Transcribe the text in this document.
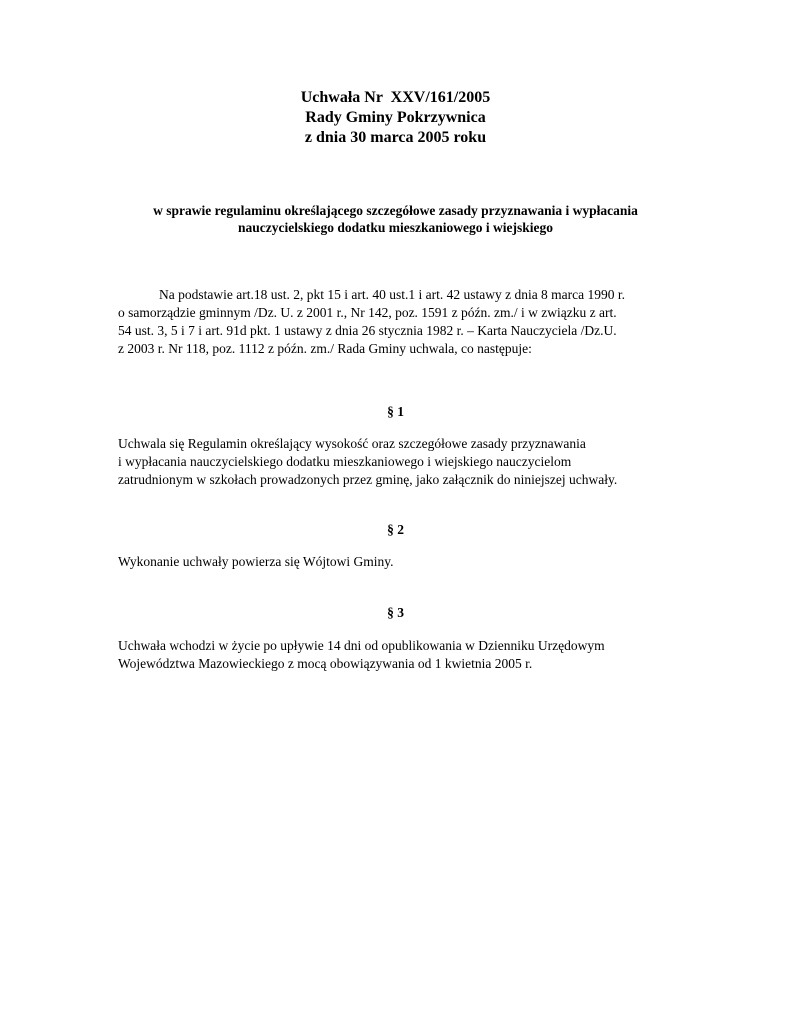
Uchwała Nr  XXV/161/2005
Rady Gminy Pokrzywnica
z dnia 30 marca 2005 roku
w sprawie regulaminu określającego szczegółowe zasady przyznawania i wypłacania
nauczycielskiego dodatku mieszkaniowego i wiejskiego
Na podstawie art.18 ust. 2, pkt 15 i art. 40 ust.1 i art. 42 ustawy z dnia 8 marca 1990 r.
o samorządzie gminnym /Dz. U. z 2001 r., Nr 142, poz. 1591 z późn. zm./ i w związku z art.
54 ust. 3, 5 i 7 i art. 91d pkt. 1 ustawy z dnia 26 stycznia 1982 r. – Karta Nauczyciela /Dz.U.
z 2003 r. Nr 118, poz. 1112 z późn. zm./ Rada Gminy uchwala, co następuje:
§ 1
Uchwala się Regulamin określający wysokość oraz szczegółowe zasady przyznawania
i wypłacania nauczycielskiego dodatku mieszkaniowego i wiejskiego nauczycielom
zatrudnionym w szkołach prowadzonych przez gminę, jako załącznik do niniejszej uchwały.
§ 2
Wykonanie uchwały powierza się Wójtowi Gminy.
§ 3
Uchwała wchodzi w życie po upływie 14 dni od opublikowania w Dzienniku Urzędowym
Województwa Mazowieckiego z mocą obowiązywania od 1 kwietnia 2005 r.
